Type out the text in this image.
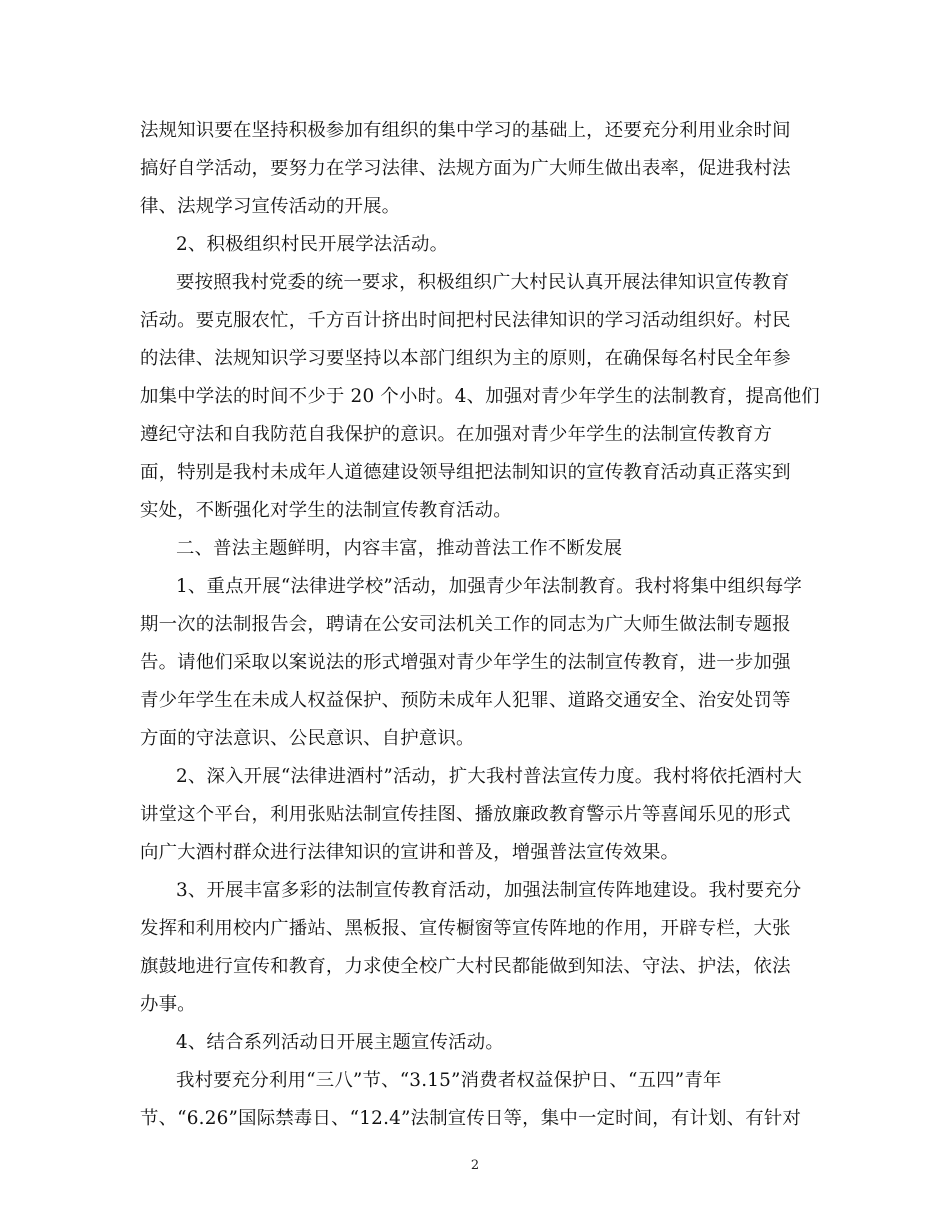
法规知识要在坚持积极参加有组织的集中学习的基础上，还要充分利用业余时间
搞好自学活动，要努力在学习法律、法规方面为广大师生做出表率，促进我村法
律、法规学习宣传活动的开展。
2、积极组织村民开展学法活动。
要按照我村党委的统一要求，积极组织广大村民认真开展法律知识宣传教育
活动。要克服农忙，千方百计挤出时间把村民法律知识的学习活动组织好。村民
的法律、法规知识学习要坚持以本部门组织为主的原则，在确保每名村民全年参
加集中学法的时间不少于 20 个小时。4、加强对青少年学生的法制教育，提高他们
遵纪守法和自我防范自我保护的意识。在加强对青少年学生的法制宣传教育方
面，特别是我村未成年人道德建设领导组把法制知识的宣传教育活动真正落实到
实处，不断强化对学生的法制宣传教育活动。
二、普法主题鲜明，内容丰富，推动普法工作不断发展
1、重点开展“法律进学校”活动，加强青少年法制教育。我村将集中组织每学
期一次的法制报告会，聘请在公安司法机关工作的同志为广大师生做法制专题报
告。请他们采取以案说法的形式增强对青少年学生的法制宣传教育，进一步加强
青少年学生在未成人权益保护、预防未成年人犯罪、道路交通安全、治安处罚等
方面的守法意识、公民意识、自护意识。
2、深入开展“法律进酒村”活动，扩大我村普法宣传力度。我村将依托酒村大
讲堂这个平台，利用张贴法制宣传挂图、播放廉政教育警示片等喜闻乐见的形式
向广大酒村群众进行法律知识的宣讲和普及，增强普法宣传效果。
3、开展丰富多彩的法制宣传教育活动，加强法制宣传阵地建设。我村要充分
发挥和利用校内广播站、黑板报、宣传橱窗等宣传阵地的作用，开辟专栏，大张
旗鼓地进行宣传和教育，力求使全校广大村民都能做到知法、守法、护法，依法
办事。
4、结合系列活动日开展主题宣传活动。
我村要充分利用“三八”节、“3.15”消费者权益保护日、“五四”青年
节、“6.26”国际禁毒日、“12.4”法制宣传日等，集中一定时间，有计划、有针对
2
